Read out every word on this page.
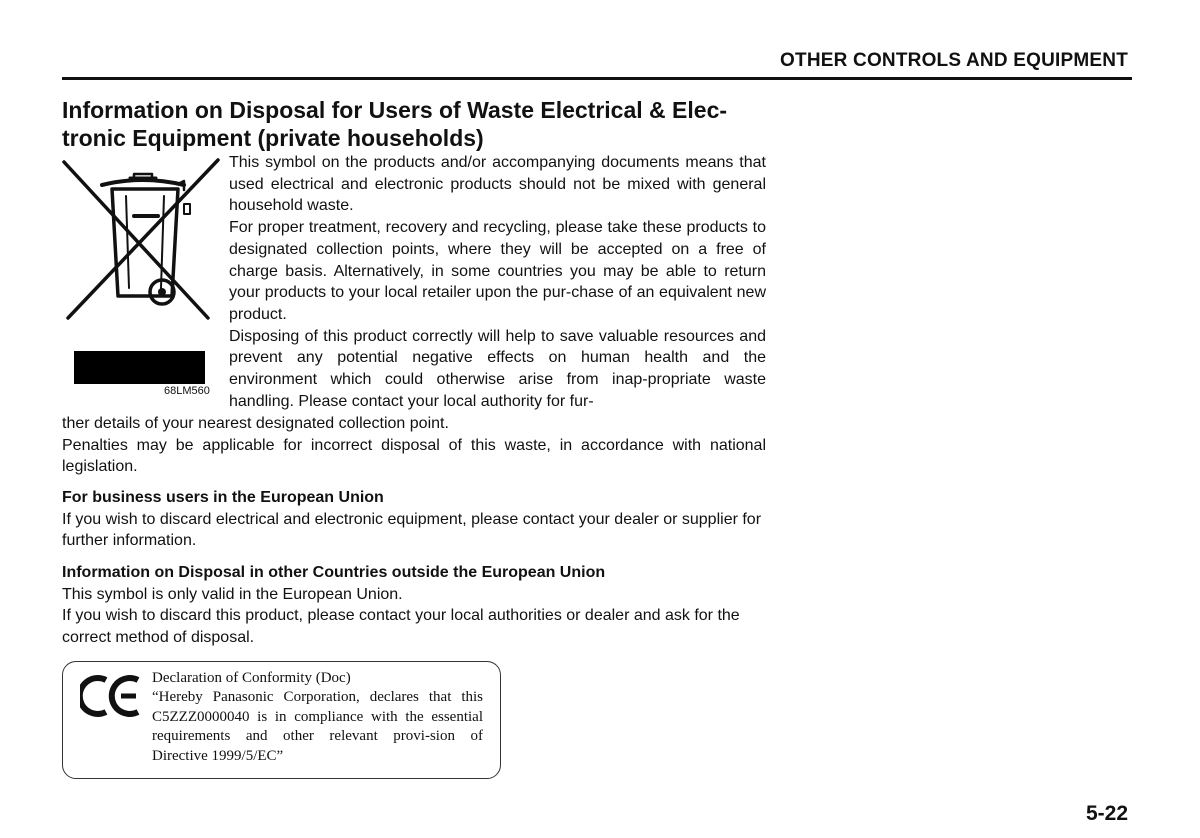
OTHER CONTROLS AND EQUIPMENT
Information on Disposal for Users of Waste Electrical & Elec-
tronic Equipment (private households)
68LM560

This symbol on the products and/or accompanying documents means that used electrical and electronic products should not be mixed with general household waste.

For proper treatment, recovery and recycling, please take these products to designated collection points, where they will be accepted on a free of charge basis. Alternatively, in some countries you may be able to return your products to your local retailer upon the pur-chase of an equivalent new product.

Disposing of this product correctly will help to save valuable resources and prevent any potential negative effects on human health and the environment which could otherwise arise from inap-propriate waste handling. Please contact your local authority for fur-

ther details of your nearest designated collection point.

Penalties may be applicable for incorrect disposal of this waste, in accordance with national legislation.

For business users in the European Union

If you wish to discard electrical and electronic equipment, please contact your dealer or supplier for further information.

Information on Disposal in other Countries outside the European Union

This symbol is only valid in the European Union.

If you wish to discard this product, please contact your local authorities or dealer and ask for the correct method of disposal.

Declaration of Conformity (Doc)
“Hereby Panasonic Corporation, declares that this C5ZZZ0000040 is in compliance with the essential requirements and other relevant provi-sion of Directive 1999/5/EC”
5-22
